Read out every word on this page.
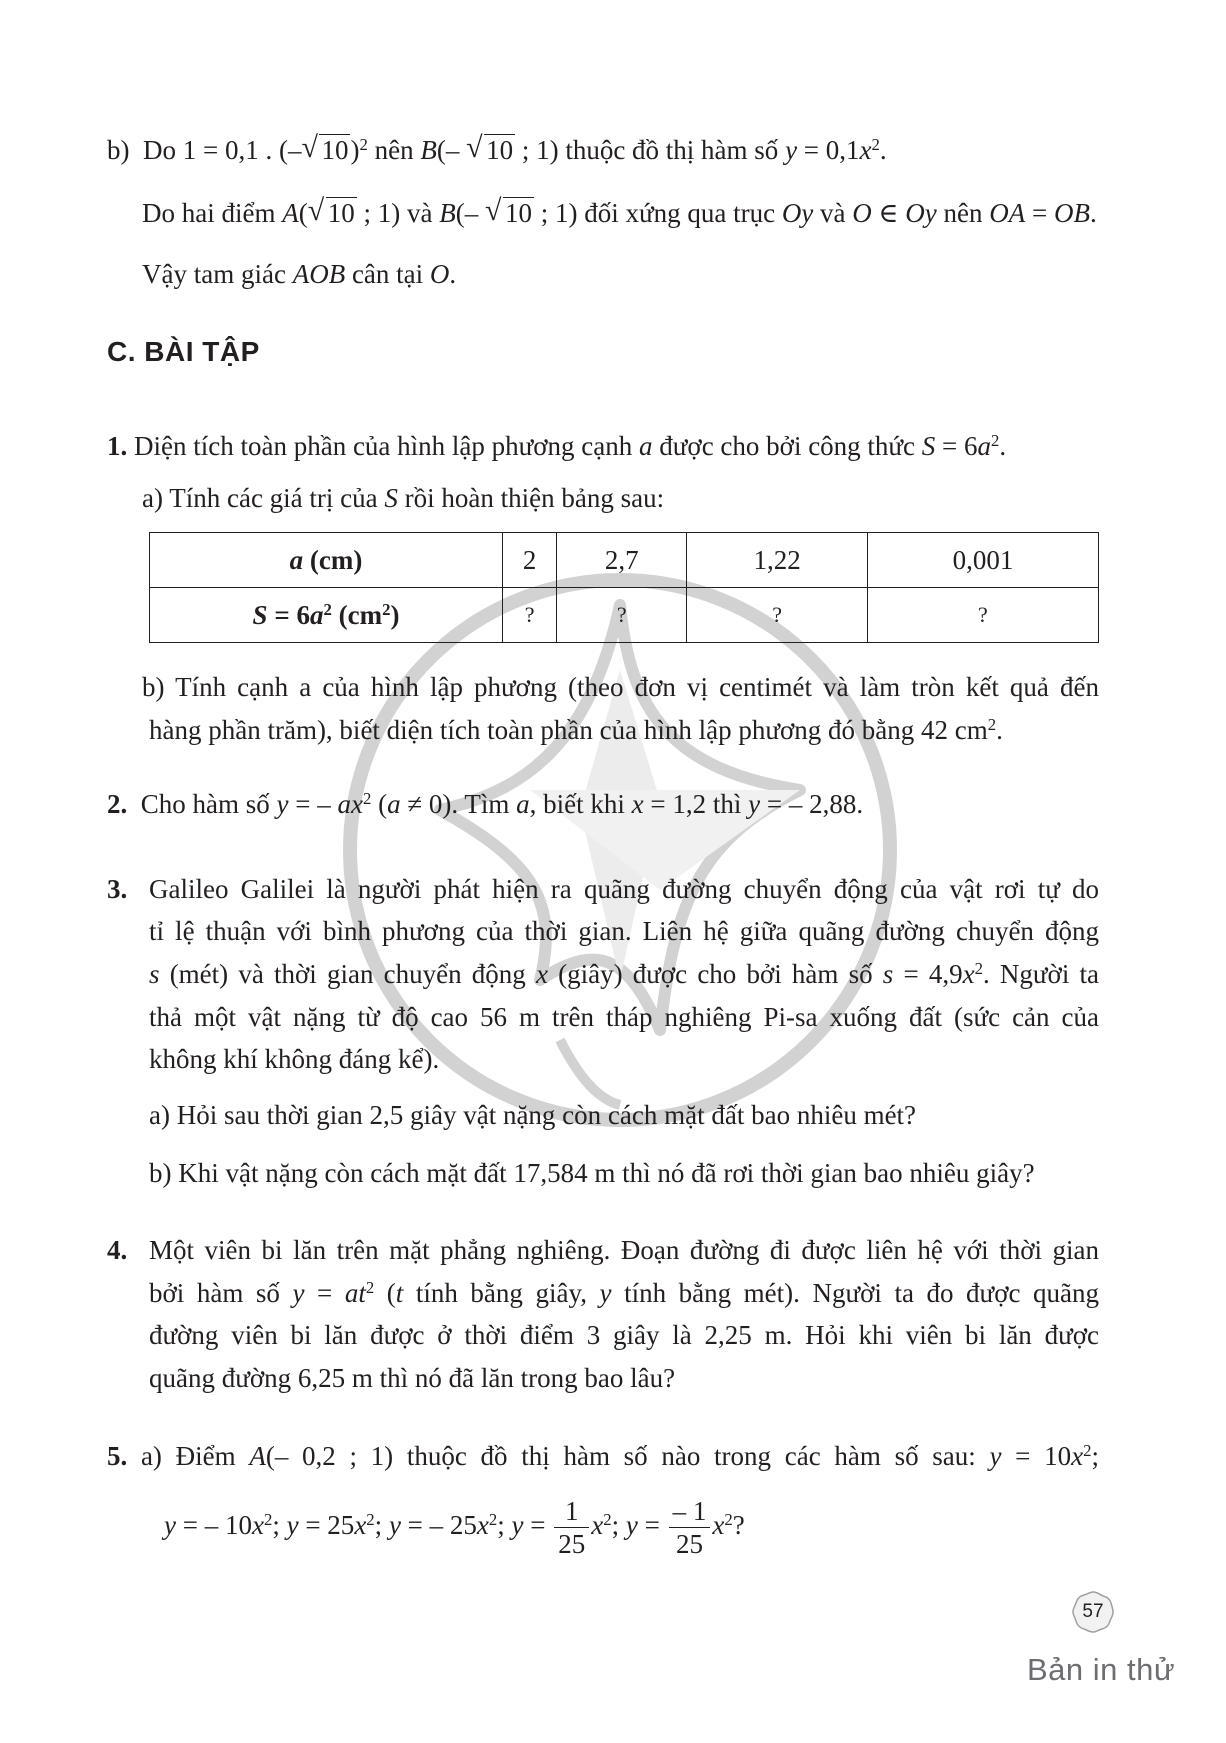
b) Do 1 = 0,1 . (– √ 10)$^2$ nên B(– √ 10 ; 1) thuộc đồ thị hàm số $y = 0,1x^2$.
Do hai điểm A( √ 10 ; 1) và B(– √ 10 ; 1) đối xứng qua trục Oy và O ∈ Oy nên OA = OB.
Vậy tam giác AOB cân tại O.
C. BÀI TẬP
1. Diện tích toàn phần của hình lập phương cạnh a được cho bởi công thức $S = 6a^2$.
a) Tính các giá trị của S rồi hoàn thiện bảng sau:
a (cm)	2	2,7	1,22	0,001
$S = 6a^2$ $(cm^2)$	?	?	?	?
b) Tính cạnh a của hình lập phương (theo đơn vị centimét và làm tròn kết quả đến
hàng phần trăm), biết diện tích toàn phần của hình lập phương đó bằng 42 $cm^2$.
2. Cho hàm số y = – $ax^2$ (a ≠ 0). Tìm a, biết khi x = 1,2 thì y = – 2,88.
3. Galileo Galilei là người phát hiện ra quãng đường chuyển động của vật rơi tự do
tỉ lệ thuận với bình phương của thời gian. Liên hệ giữa quãng đường chuyển động
s (mét) và thời gian chuyển động x (giây) được cho bởi hàm số $s = 4,9x^2$. Người ta
thả một vật nặng từ độ cao 56 m trên tháp nghiêng Pi-sa xuống đất (sức cản của
không khí không đáng kể).
a) Hỏi sau thời gian 2,5 giây vật nặng còn cách mặt đất bao nhiêu mét?
b) Khi vật nặng còn cách mặt đất 17,584 m thì nó đã rơi thời gian bao nhiêu giây?
4. Một viên bi lăn trên mặt phẳng nghiêng. Đoạn đường đi được liên hệ với thời gian
bởi hàm số $y = at^2$ (t tính bằng giây, y tính bằng mét). Người ta đo được quãng
đường viên bi lăn được ở thời điểm 3 giây là 2,25 m. Hỏi khi viên bi lăn được
quãng đường 6,25 m thì nó đã lăn trong bao lâu?
5. a) Điểm A(– 0,2 ; 1) thuộc đồ thị hàm số nào trong các hàm số sau: $y = 10x^2$;
y = – $10x^2$; $y = 25x^2$; y = – $25x^2$; $y = \frac{1}{25} x^2$; $y = \frac{- 1}{25} x^2$?
57
Bản in thử
